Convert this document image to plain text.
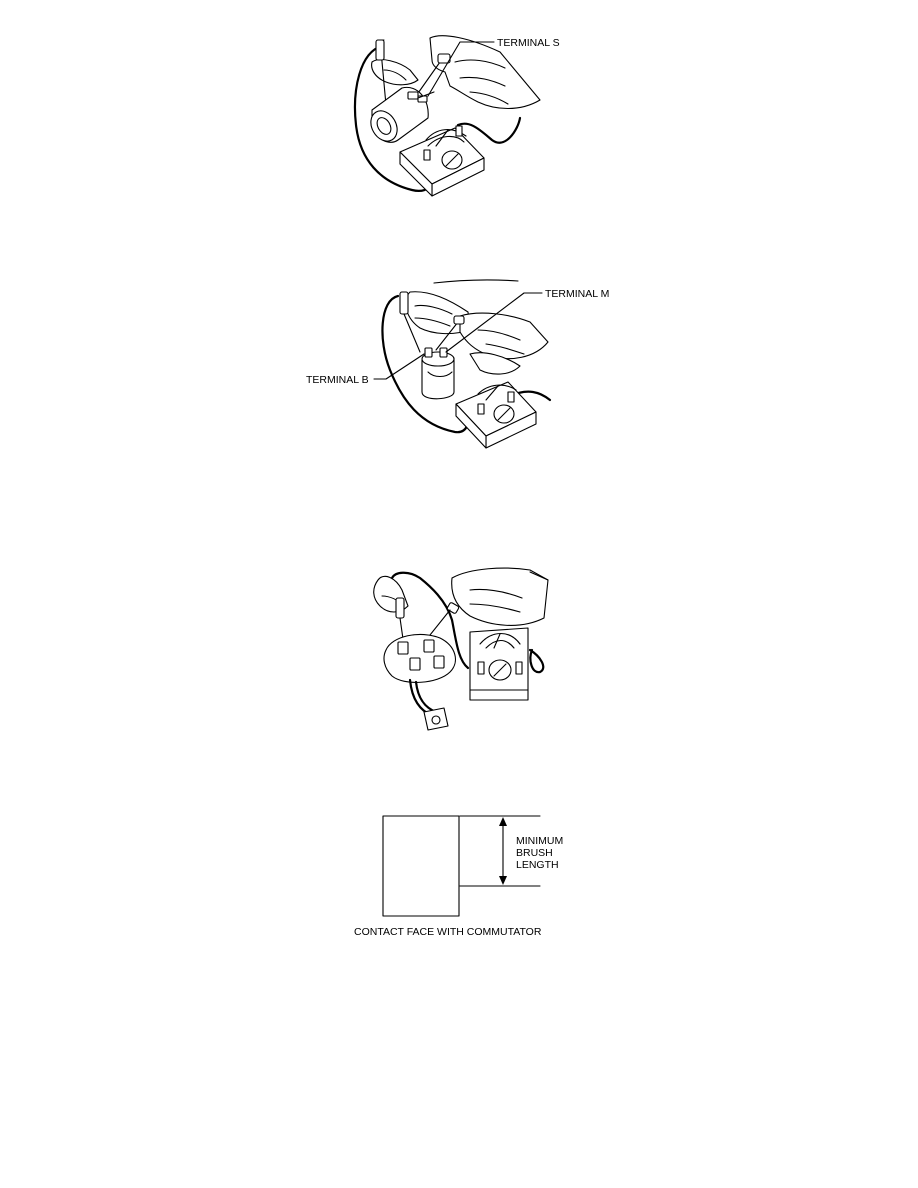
TERMINAL S
TERMINAL M
TERMINAL B
MINIMUM
BRUSH
LENGTH
CONTACT FACE WITH COMMUTATOR
